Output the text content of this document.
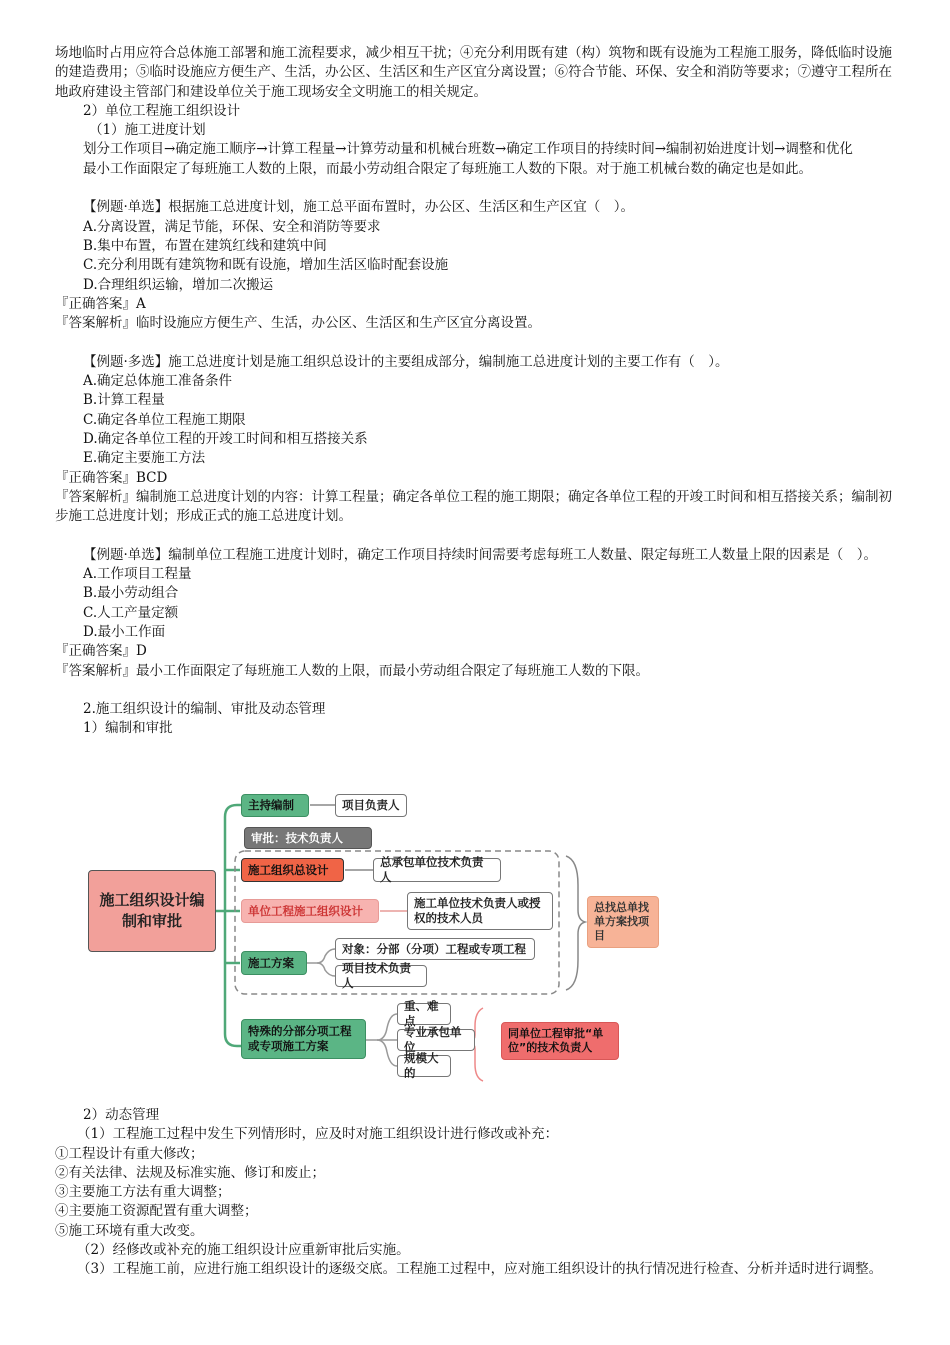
场地临时占用应符合总体施工部署和施工流程要求，减少相互干扰；④充分利用既有建（构）筑物和既有设施为工程施工服务，降低临时设施的建造费用；⑤临时设施应方便生产、生活，办公区、生活区和生产区宜分离设置；⑥符合节能、环保、安全和消防等要求；⑦遵守工程所在地政府建设主管部门和建设单位关于施工现场安全文明施工的相关规定。

2）单位工程施工组织设计

（1）施工进度计划

划分工作项目→确定施工顺序→计算工程量→计算劳动量和机械台班数→确定工作项目的持续时间→编制初始进度计划→调整和优化

最小工作面限定了每班施工人数的上限，而最小劳动组合限定了每班施工人数的下限。对于施工机械台数的确定也是如此。

【例题·单选】根据施工总进度计划，施工总平面布置时，办公区、生活区和生产区宜（　）。

A.分离设置，满足节能，环保、安全和消防等要求

B.集中布置，布置在建筑红线和建筑中间

C.充分利用既有建筑物和既有设施，增加生活区临时配套设施

D.合理组织运输，增加二次搬运

『正确答案』A

『答案解析』临时设施应方便生产、生活，办公区、生活区和生产区宜分离设置。

【例题·多选】施工总进度计划是施工组织总设计的主要组成部分，编制施工总进度计划的主要工作有（　）。

A.确定总体施工准备条件

B.计算工程量

C.确定各单位工程施工期限

D.确定各单位工程的开竣工时间和相互搭接关系

E.确定主要施工方法

『正确答案』BCD

『答案解析』编制施工总进度计划的内容：计算工程量；确定各单位工程的施工期限；确定各单位工程的开竣工时间和相互搭接关系；编制初步施工总进度计划；形成正式的施工总进度计划。

【例题·单选】编制单位工程施工进度计划时，确定工作项目持续时间需要考虑每班工人数量、限定每班工人数量上限的因素是（　）。

A.工作项目工程量

B.最小劳动组合

C.人工产量定额

D.最小工作面

『正确答案』D

『答案解析』最小工作面限定了每班施工人数的上限，而最小劳动组合限定了每班施工人数的下限。

2.施工组织设计的编制、审批及动态管理

1）编制和审批

施工组织设计编制和审批
主持编制	项目负责人
审批：技术负责人
施工组织总设计
总承包单位技术负责人
单位工程施工组织设计
施工单位技术负责人或授权的技术人员
施工方案
对象：分部（分项）工程或专项工程
项目技术负责人
特殊的分部分项工程或专项施工方案
重、难点
专业承包单位
规模大的
总找总单找单方案找项目
同单位工程审批“单位”的技术负责人

2）动态管理

（1）工程施工过程中发生下列情形时，应及时对施工组织设计进行修改或补充：

①工程设计有重大修改；

②有关法律、法规及标准实施、修订和废止；

③主要施工方法有重大调整；

④主要施工资源配置有重大调整；

⑤施工环境有重大改变。

（2）经修改或补充的施工组织设计应重新审批后实施。

（3）工程施工前，应进行施工组织设计的逐级交底。工程施工过程中，应对施工组织设计的执行情况进行检查、分析并适时进行调整。
